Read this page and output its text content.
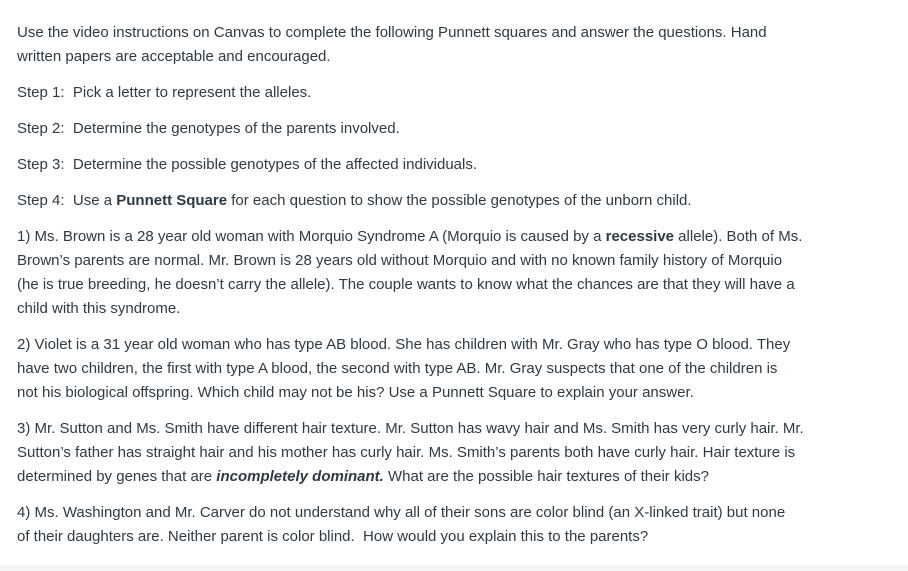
Use the video instructions on Canvas to complete the following Punnett squares and answer the questions. Hand
written papers are acceptable and encouraged.
Step 1:  Pick a letter to represent the alleles.
Step 2:  Determine the genotypes of the parents involved.
Step 3:  Determine the possible genotypes of the affected individuals.
Step 4:  Use a Punnett Square for each question to show the possible genotypes of the unborn child.
1) Ms. Brown is a 28 year old woman with Morquio Syndrome A (Morquio is caused by a recessive allele). Both of Ms.
Brown’s parents are normal. Mr. Brown is 28 years old without Morquio and with no known family history of Morquio
(he is true breeding, he doesn’t carry the allele). The couple wants to know what the chances are that they will have a
child with this syndrome.
2) Violet is a 31 year old woman who has type AB blood. She has children with Mr. Gray who has type O blood. They
have two children, the first with type A blood, the second with type AB. Mr. Gray suspects that one of the children is
not his biological offspring. Which child may not be his? Use a Punnett Square to explain your answer.
3) Mr. Sutton and Ms. Smith have different hair texture. Mr. Sutton has wavy hair and Ms. Smith has very curly hair. Mr.
Sutton’s father has straight hair and his mother has curly hair. Ms. Smith’s parents both have curly hair. Hair texture is
determined by genes that are incompletely dominant. What are the possible hair textures of their kids?
4) Ms. Washington and Mr. Carver do not understand why all of their sons are color blind (an X-linked trait) but none
of their daughters are. Neither parent is color blind.  How would you explain this to the parents?
